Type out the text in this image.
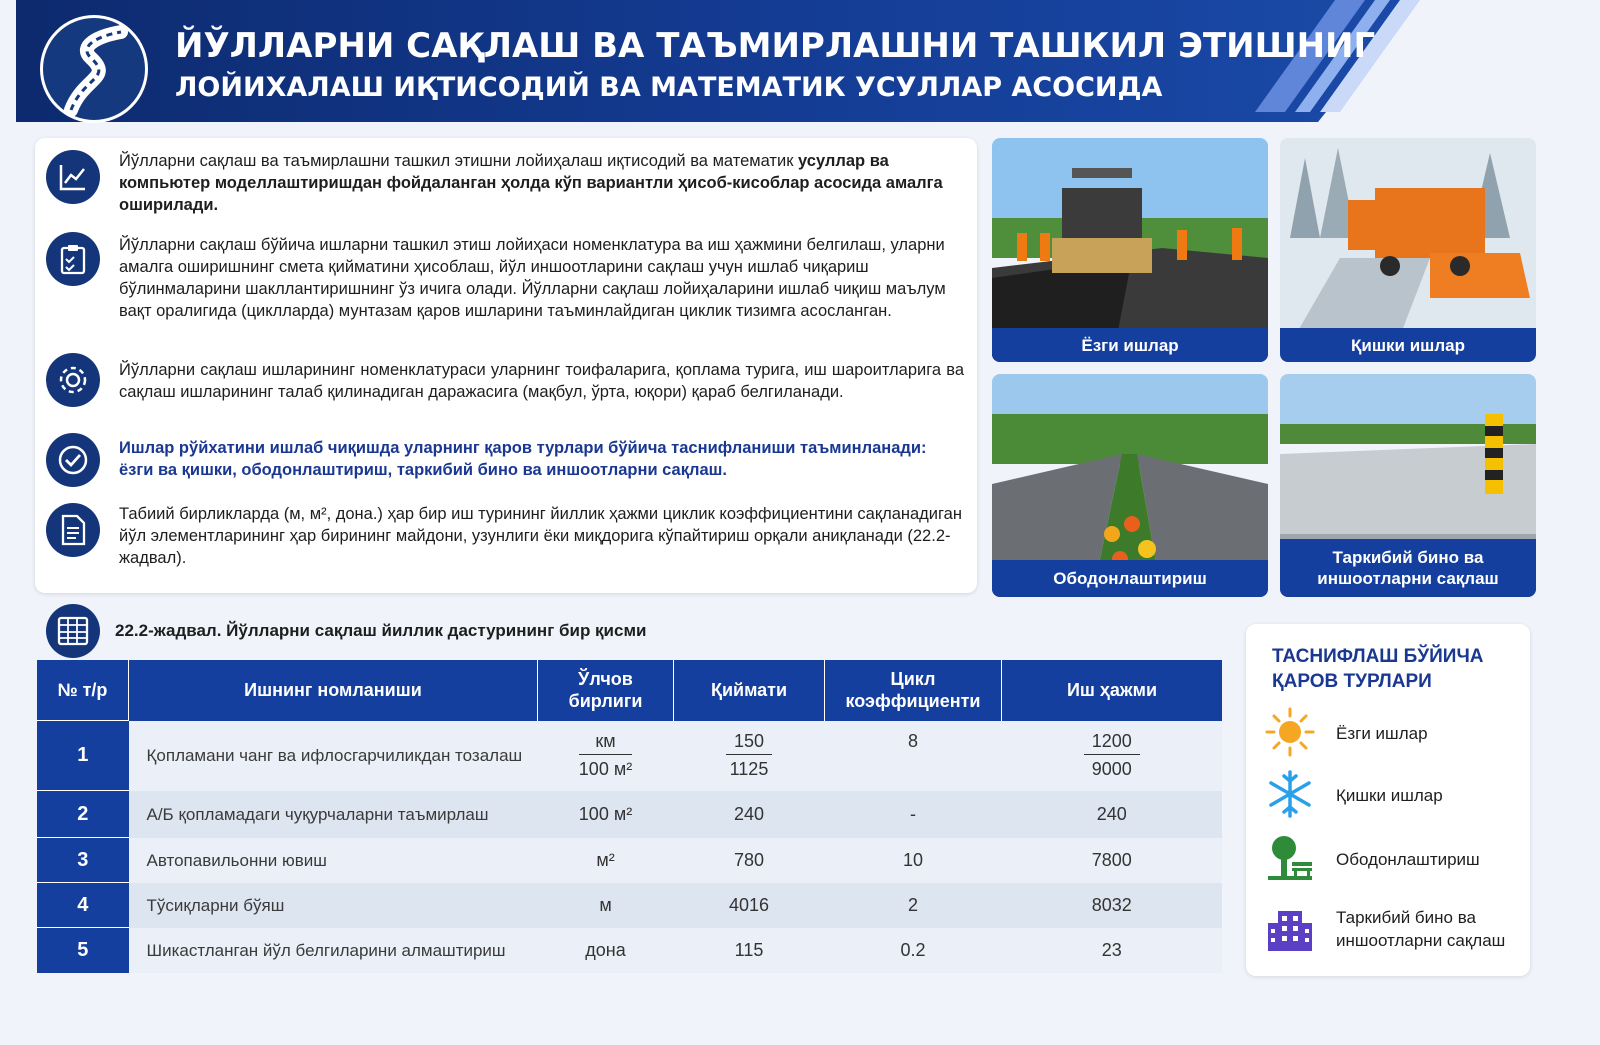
ЙЎЛЛАРНИ САҚЛАШ ВА ТАЪМИРЛАШНИ ТАШКИЛ ЭТИШНИГ
ЛОЙИХАЛАШ ИҚТИСОДИЙ ВА МАТЕМАТИК УСУЛЛАР АСОСИДА
Йўлларни сақлаш ва таъмирлашни ташкил этишни лойиҳалаш иқтисодий ва математик усуллар ва компьютер моделлаштиришдан фойдаланган ҳолда кўп вариантли ҳисоб-кисоблар асосида амалга оширилади.
Йўлларни сақлаш бўйича ишларни ташкил этиш лойиҳаси номенклатура ва иш ҳажмини белгилаш, уларни амалга оширишнинг смета қийматини ҳисоблаш, йўл иншоотларини сақлаш учун ишлаб чиқариш бўлинмаларини шакллантиришнинг ўз ичига олади. Йўлларни сақлаш лойиҳаларини ишлаб чиқиш маълум вақт оралигида (циклларда) мунтазам қаров ишларини таъминлайдиган циклик тизимга асосланган.
Йўлларни сақлаш ишларининг номенклатураси уларнинг тоифаларига, қоплама турига, иш шароитларига ва сақлаш ишларининг талаб қилинадиган даражасига (мақбул, ўрта, юқори) қараб белгиланади.
Ишлар рўйхатини ишлаб чиқишда уларнинг қаров турлари бўйича таснифланиши таъминланади: ёзги ва қишки, ободонлаштириш, таркибий бино ва иншоотларни сақлаш.
Табиий бирликларда (м, м², дона.) ҳар бир иш турининг йиллик ҳажми циклик коэффициентини сақланадиган йўл элементларининг ҳар бирининг майдони, узунлиги ёки миқдорига кўпайтириш орқали аниқланади (22.2-жадвал).
Ёзги ишлар	Қишки ишлар
Ободонлаштириш
Таркибий бино ва иншоотларни сақлаш
22.2-жадвал. Йўлларни сақлаш йиллик дастурининг бир қисми
№ т/р	Ишнинг номланиши	Ўлчов бирлиги	Қиймати	Цикл коэффициенти	Иш ҳажми
1	Қопламани чанг ва ифлосгарчиликдан тозалаш	$\frac{км}{\text{100 м²}}$	$\frac{150}{1125}$	8	$\frac{1200}{9000}$

2	А/Б қопламадаги чуқурчаларни таъмирлаш	100 м²	240	-	240
3	Автопавильонни ювиш	м²	780	10	7800
4	Тўсиқларни бўяш	м	4016	2	8032
5	Шикастланган йўл белгиларини алмаштириш	дона	115	0.2	23
ТАСНИФЛАШ БЎЙИЧА ҚАРОВ ТУРЛАРИ
Ёзги ишлар
Қишки ишлар
Ободонлаштириш
Таркибий бино ва иншоотларни сақлаш
